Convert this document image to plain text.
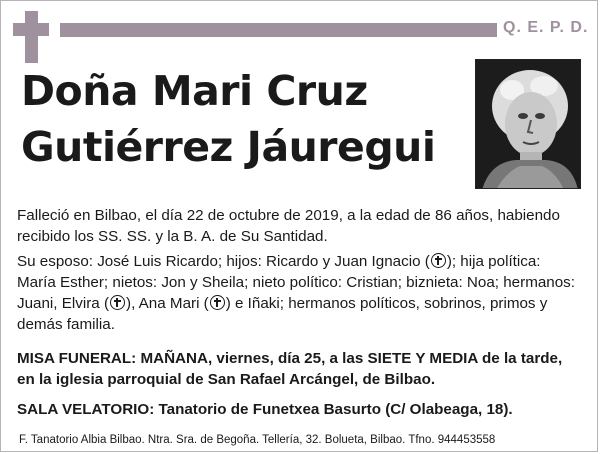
Q. E. P. D.
Doña Mari Cruz
Gutiérrez Jáuregui
Falleció en Bilbao, el día 22 de octubre de 2019, a la edad de 86 años, habiendo recibido los SS. SS. y la B. A. de Su Santidad.
Su esposo: José Luis Ricardo; hijos: Ricardo y Juan Ignacio ( ); hija política: María Esther; nietos: Jon y Sheila; nieto político: Cristian; biznieta: Noa; hermanos: Juani, Elvira ( ), Ana Mari ( ) e Iñaki; hermanos políticos, sobrinos, primos y demás familia.
MISA FUNERAL: MAÑANA, viernes, día 25, a las SIETE Y MEDIA de la tarde, en la iglesia parroquial de San Rafael Arcángel, de Bilbao.
SALA VELATORIO: Tanatorio de Funetxea Basurto (C/ Olabeaga, 18).
F. Tanatorio Albia Bilbao. Ntra. Sra. de Begoña. Tellería, 32. Bolueta, Bilbao. Tfno. 944453558
